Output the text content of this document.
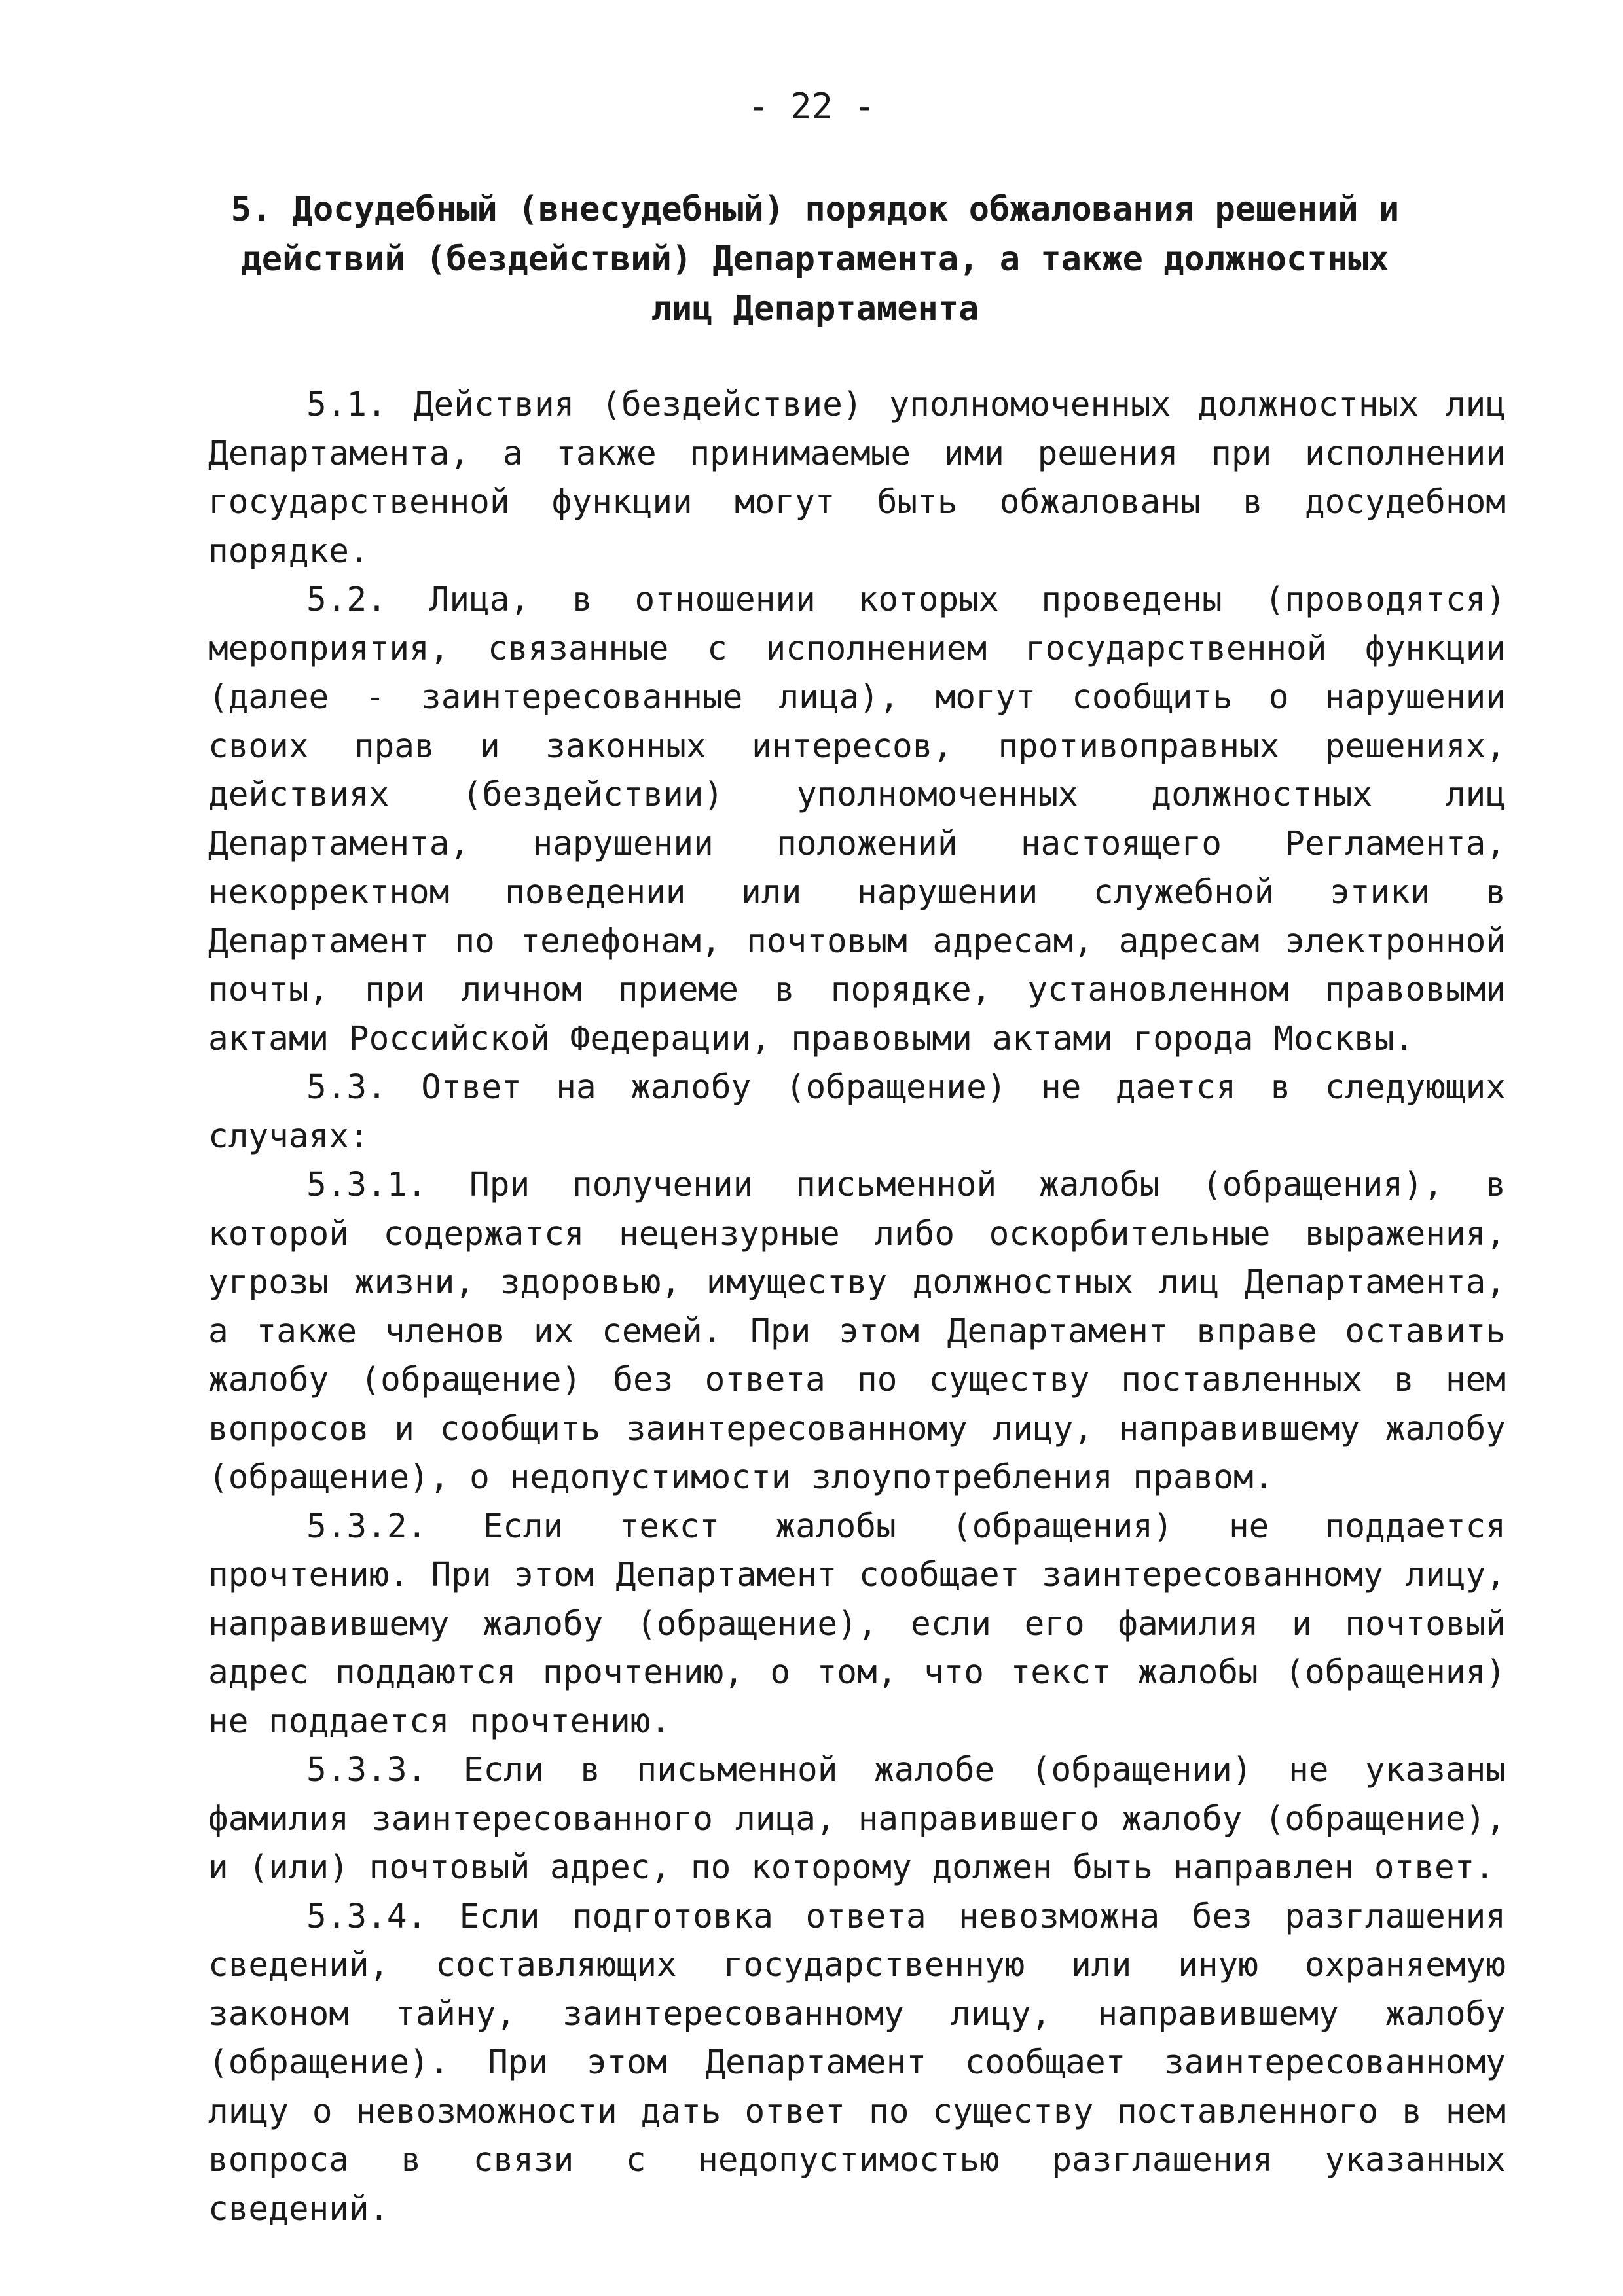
- 22 -
5. Досудебный (внесудебный) порядок обжалования решений и действий (бездействий) Департамента, а также должностных лиц Департамента

5.1. Действия (бездействие) уполномоченных должностных лиц Департамента, а также принимаемые ими решения при исполнении государственной функции могут быть обжалованы в досудебном порядке.

5.2. Лица, в отношении которых проведены (проводятся) мероприятия, связанные с исполнением государственной функции (далее - заинтересованные лица), могут сообщить о нарушении своих прав и законных интересов, противоправных решениях, действиях (бездействии) уполномоченных должностных лиц Департамента, нарушении положений настоящего Регламента, некорректном поведении или нарушении служебной этики в Департамент по телефонам, почтовым адресам, адресам электронной почты, при личном приеме в порядке, установленном правовыми актами Российской Федерации, правовыми актами города Москвы.

5.3. Ответ на жалобу (обращение) не дается в следующих случаях:

5.3.1. При получении письменной жалобы (обращения), в которой содержатся нецензурные либо оскорбительные выражения, угрозы жизни, здоровью, имуществу должностных лиц Департамента, а также членов их семей. При этом Департамент вправе оставить жалобу (обращение) без ответа по существу поставленных в нем вопросов и сообщить заинтересованному лицу, направившему жалобу (обращение), о недопустимости злоупотребления правом.

5.3.2. Если текст жалобы (обращения) не поддается прочтению. При этом Департамент сообщает заинтересованному лицу, направившему жалобу (обращение), если его фамилия и почтовый адрес поддаются прочтению, о том, что текст жалобы (обращения) не поддается прочтению.

5.3.3. Если в письменной жалобе (обращении) не указаны фамилия заинтересованного лица, направившего жалобу (обращение), и (или) почтовый адрес, по которому должен быть направлен ответ.

5.3.4. Если подготовка ответа невозможна без разглашения сведений, составляющих государственную или иную охраняемую законом тайну, заинтересованному лицу, направившему жалобу (обращение). При этом Департамент сообщает заинтересованному лицу о невозможности дать ответ по существу поставленного в нем вопроса в связи с недопустимостью разглашения указанных сведений.
